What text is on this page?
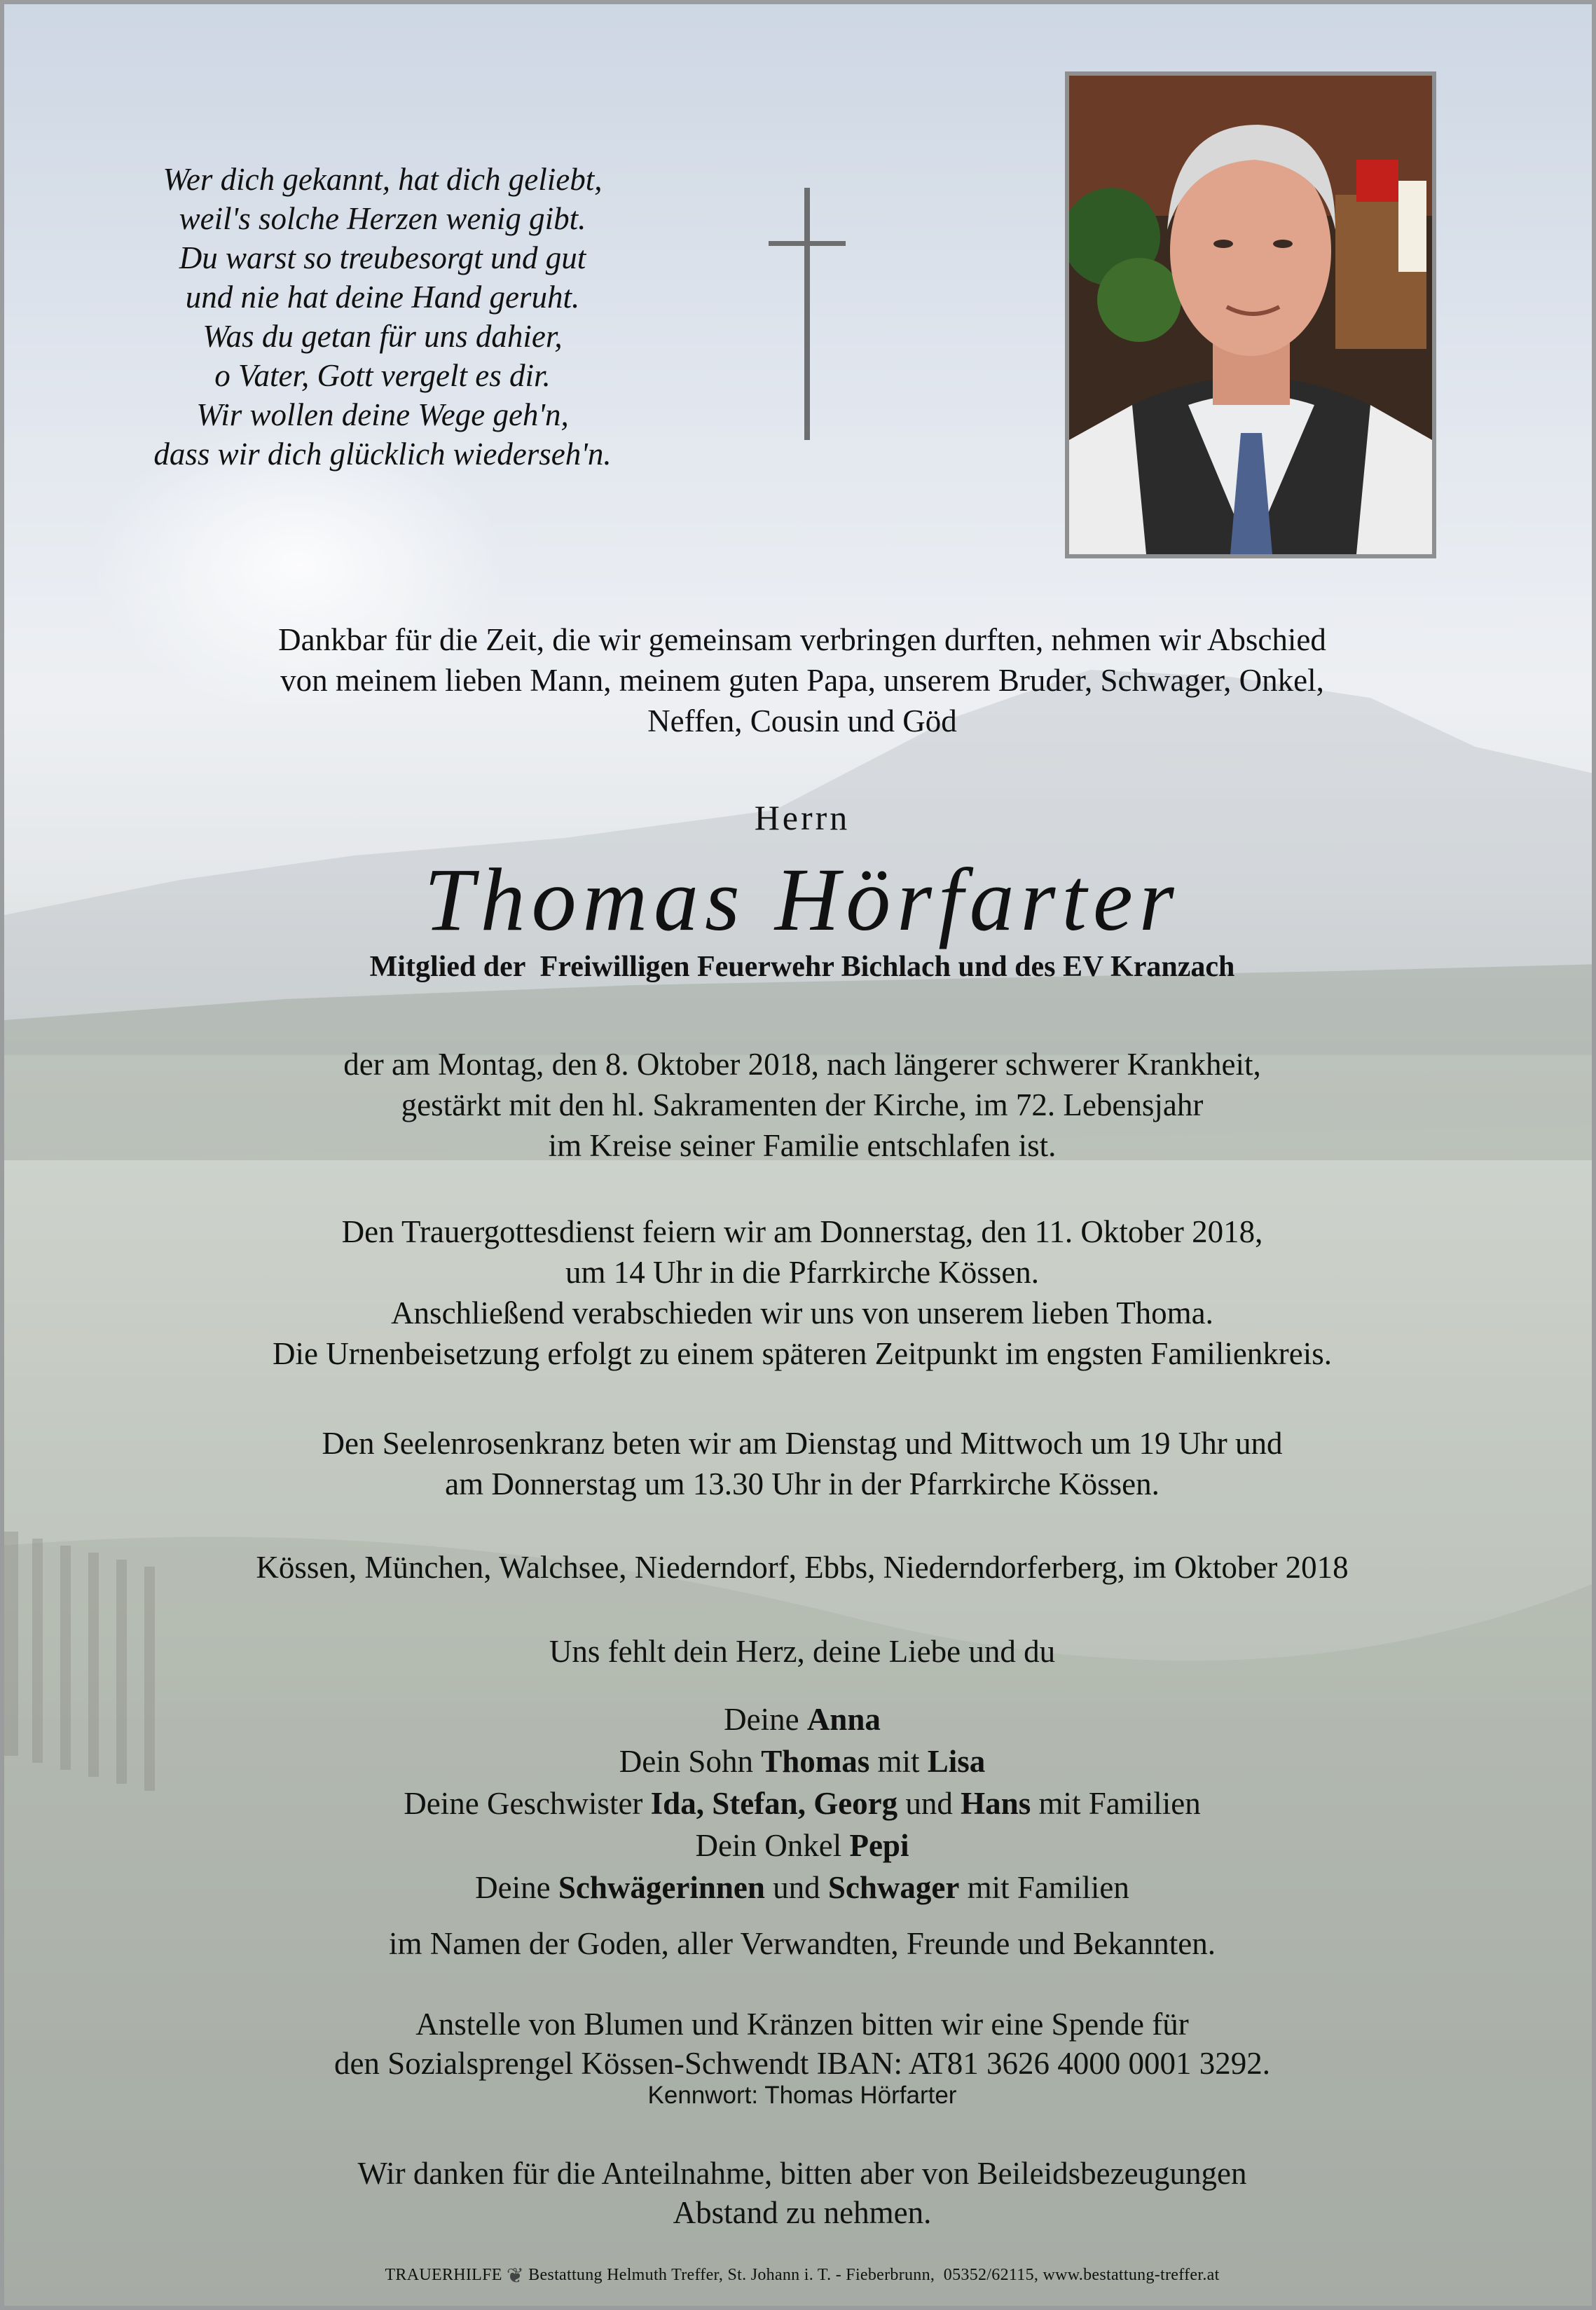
Wer dich gekannt, hat dich geliebt,
weil's solche Herzen wenig gibt.
Du warst so treubesorgt und gut
und nie hat deine Hand geruht.
Was du getan für uns dahier,
o Vater, Gott vergelt es dir.
Wir wollen deine Wege geh'n,
dass wir dich glücklich wiederseh'n.
Dankbar für die Zeit, die wir gemeinsam verbringen durften, nehmen wir Abschied
von meinem lieben Mann, meinem guten Papa, unserem Bruder, Schwager, Onkel,
Neffen, Cousin und Göd
Herrn
Thomas Hörfarter
Mitglied der  Freiwilligen Feuerwehr Bichlach und des EV Kranzach
der am Montag, den 8. Oktober 2018, nach längerer schwerer Krankheit,
gestärkt mit den hl. Sakramenten der Kirche, im 72. Lebensjahr
im Kreise seiner Familie entschlafen ist.
Den Trauergottesdienst feiern wir am Donnerstag, den 11. Oktober 2018,
um 14 Uhr in die Pfarrkirche Kössen.
Anschließend verabschieden wir uns von unserem lieben Thoma.
Die Urnenbeisetzung erfolgt zu einem späteren Zeitpunkt im engsten Familienkreis.
Den Seelenrosenkranz beten wir am Dienstag und Mittwoch um 19 Uhr und
am Donnerstag um 13.30 Uhr in der Pfarrkirche Kössen.
Kössen, München, Walchsee, Niederndorf, Ebbs, Niederndorferberg, im Oktober 2018
Uns fehlt dein Herz, deine Liebe und du
Deine Anna
Dein Sohn Thomas mit Lisa
Deine Geschwister Ida, Stefan, Georg und Hans mit Familien
Dein Onkel Pepi
Deine Schwägerinnen und Schwager mit Familien
im Namen der Goden, aller Verwandten, Freunde und Bekannten.
Anstelle von Blumen und Kränzen bitten wir eine Spende für
den Sozialsprengel Kössen-Schwendt IBAN: AT81 3626 4000 0001 3292.
Kennwort: Thomas Hörfarter
Wir danken für die Anteilnahme, bitten aber von Beileidsbezeugungen
Abstand zu nehmen.
TRAUERHILFE ❦ Bestattung Helmuth Treffer, St. Johann i. T. - Fieberbrunn,  05352/62115, www.bestattung-treffer.at
